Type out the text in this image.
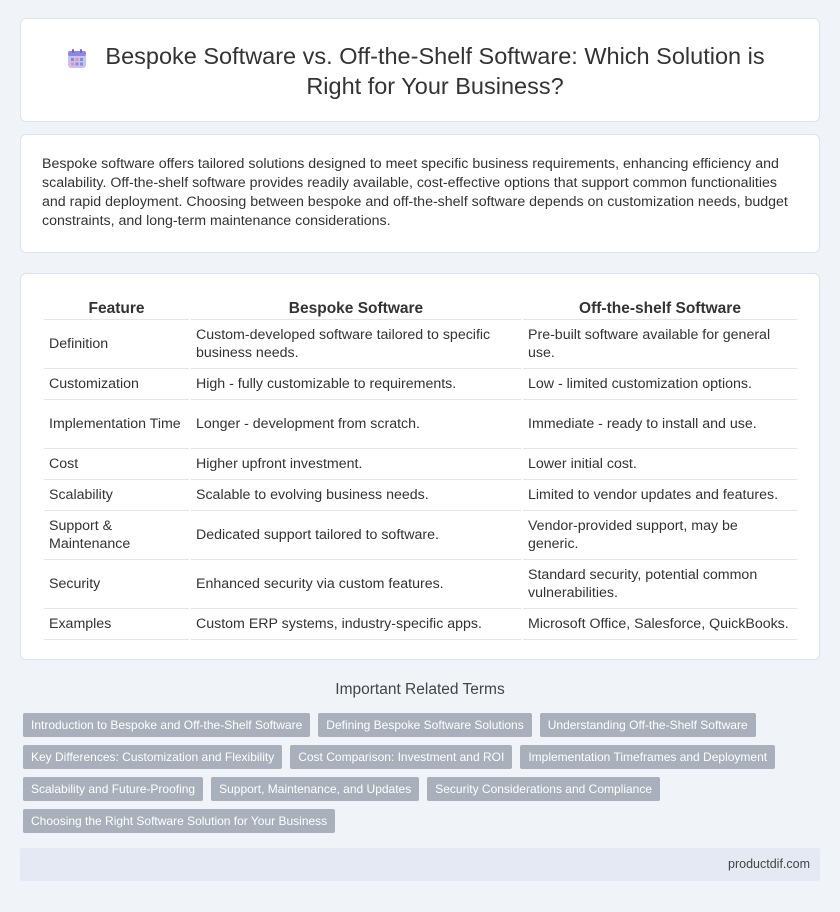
Bespoke Software vs. Off-the-Shelf Software: Which Solution is Right for Your Business?

Bespoke software offers tailored solutions designed to meet specific business requirements, enhancing efficiency and scalability. Off-the-shelf software provides readily available, cost-effective options that support common functionalities and rapid deployment. Choosing between bespoke and off-the-shelf software depends on customization needs, budget constraints, and long-term maintenance considerations.

Feature	Bespoke Software	Off-the-shelf Software
Definition	Custom-developed software tailored to specific business needs.	Pre-built software available for general use.
Customization	High - fully customizable to requirements.	Low - limited customization options.
Implementation Time	Longer - development from scratch.	Immediate - ready to install and use.
Cost	Higher upfront investment.	Lower initial cost.
Scalability	Scalable to evolving business needs.	Limited to vendor updates and features.
Support & Maintenance	Dedicated support tailored to software.	Vendor-provided support, may be generic.
Security	Enhanced security via custom features.	Standard security, potential common vulnerabilities.
Examples	Custom ERP systems, industry-specific apps.	Microsoft Office, Salesforce, QuickBooks.
Important Related Terms
Introduction to Bespoke and Off-the-Shelf Software	Defining Bespoke Software Solutions	Understanding Off-the-Shelf Software
Key Differences: Customization and Flexibility	Cost Comparison: Investment and ROI	Implementation Timeframes and Deployment
Scalability and Future-Proofing	Support, Maintenance, and Updates	Security Considerations and Compliance
Choosing the Right Software Solution for Your Business
productdif.com
